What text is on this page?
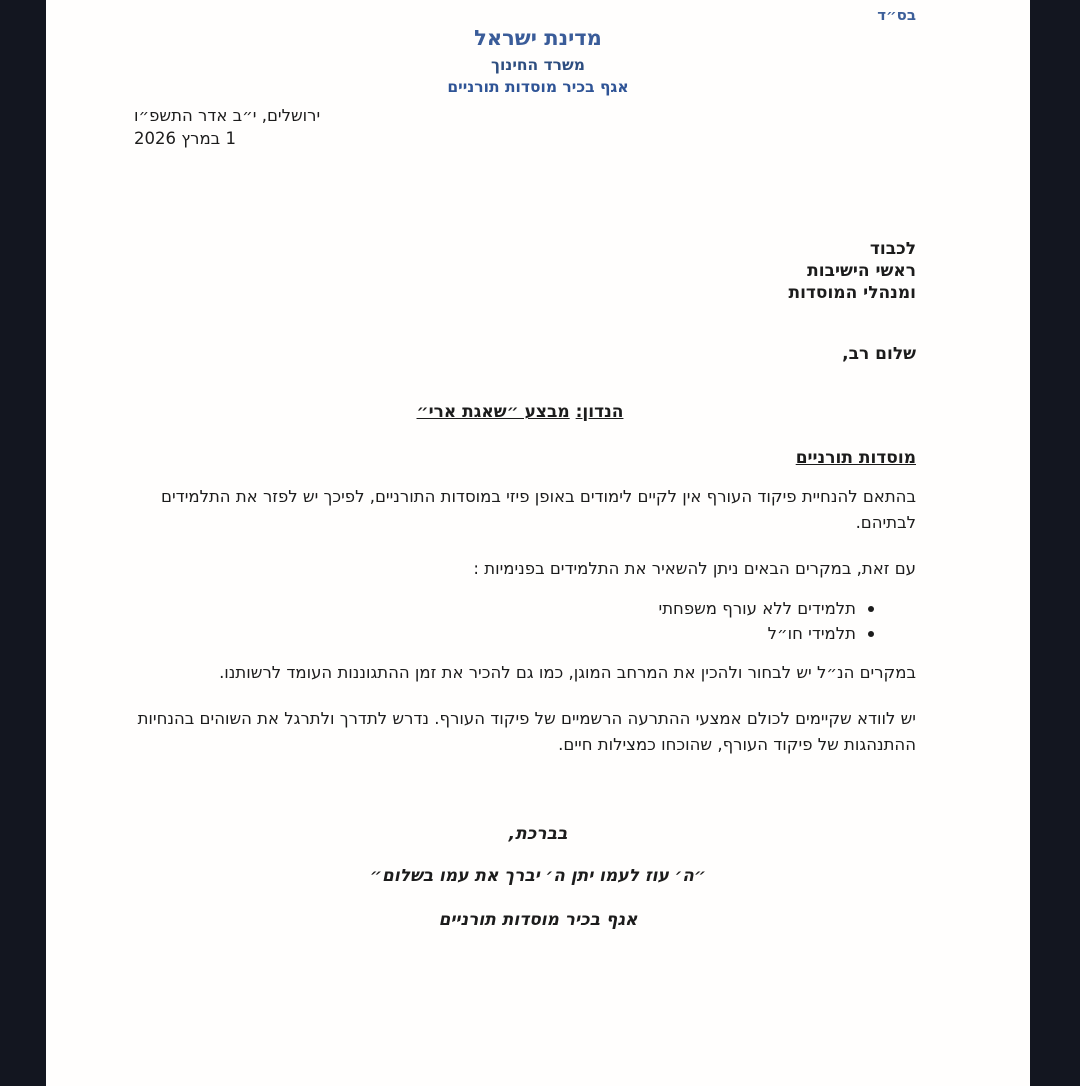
בס״ד
מדינת ישראל
משרד החינוך
אגף בכיר מוסדות תורניים
ירושלים, י״ב אדר התשפ״ו
1 במרץ 2026
לכבוד
ראשי הישיבות
ומנהלי המוסדות
שלום רב,
הנדון: מבצע ״שאגת ארי״
מוסדות תורניים
בהתאם להנחיית פיקוד העורף אין לקיים לימודים באופן פיזי במוסדות התורניים, לפיכך יש לפזר את התלמידים לבתיהם.
עם זאת, במקרים הבאים ניתן להשאיר את התלמידים בפנימיות :
תלמידים ללא עורף משפחתי
תלמידי חו״ל
במקרים הנ״ל יש לבחור ולהכין את המרחב המוגן, כמו גם להכיר את זמן ההתגוננות העומד לרשותנו.
יש לוודא שקיימים לכולם אמצעי ההתרעה הרשמיים של פיקוד העורף. נדרש לתדרך ולתרגל את השוהים בהנחיות ההתנהגות של פיקוד העורף, שהוכחו כמצילות חיים.
בברכת,
״ה׳ עוז לעמו יתן ה׳ יברך את עמו בשלום״
אגף בכיר מוסדות תורניים
